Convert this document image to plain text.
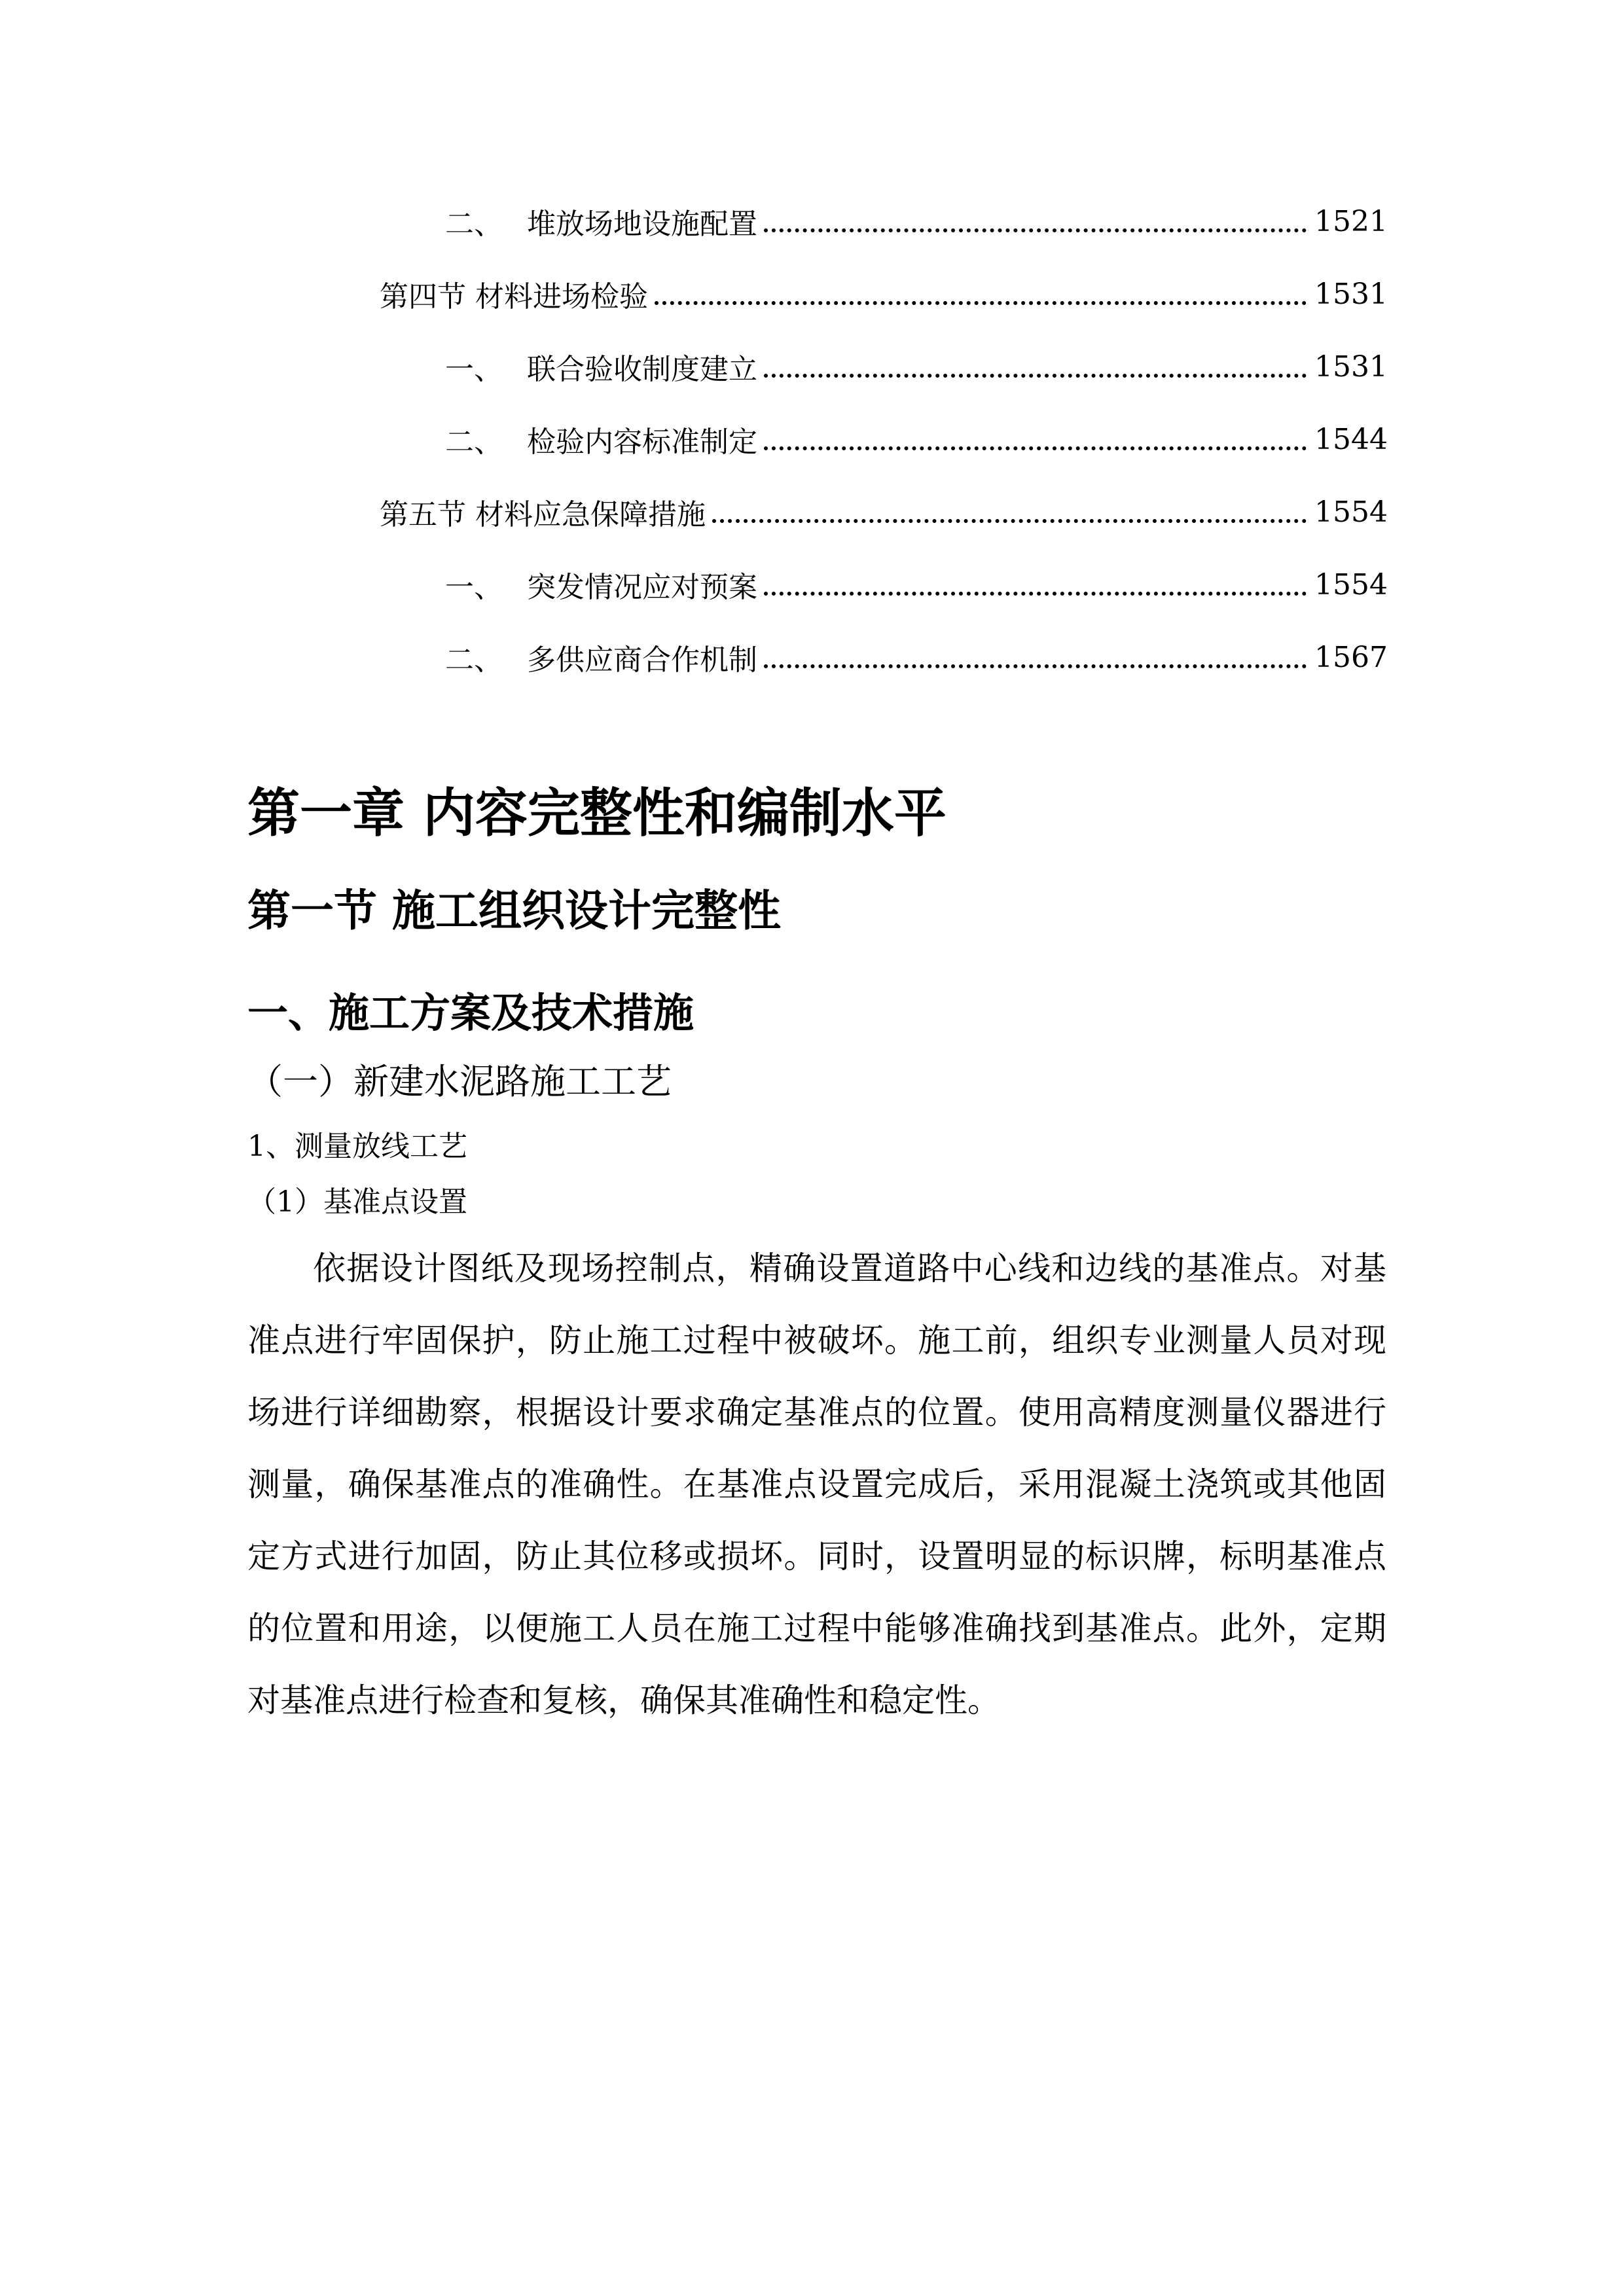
二、 堆放场地设施配置	1521
第四节 材料进场检验	1531
一、 联合验收制度建立	1531
二、 检验内容标准制定	1544
第五节 材料应急保障措施	1554
一、 突发情况应对预案	1554
二、 多供应商合作机制	1567
第一章 内容完整性和编制水平
第一节 施工组织设计完整性
一、施工方案及技术措施
（一）新建水泥路施工工艺
1、测量放线工艺
（1）基准点设置

依据设计图纸及现场控制点，精确设置道路中心线和边线的基准点。对基准点进行牢固保护，防止施工过程中被破坏。施工前，组织专业测量人员对现场进行详细勘察，根据设计要求确定基准点的位置。使用高精度测量仪器进行测量，确保基准点的准确性。在基准点设置完成后，采用混凝土浇筑或其他固定方式进行加固，防止其位移或损坏。同时，设置明显的标识牌，标明基准点的位置和用途，以便施工人员在施工过程中能够准确找到基准点。此外，定期对基准点进行检查和复核，确保其准确性和稳定性。
